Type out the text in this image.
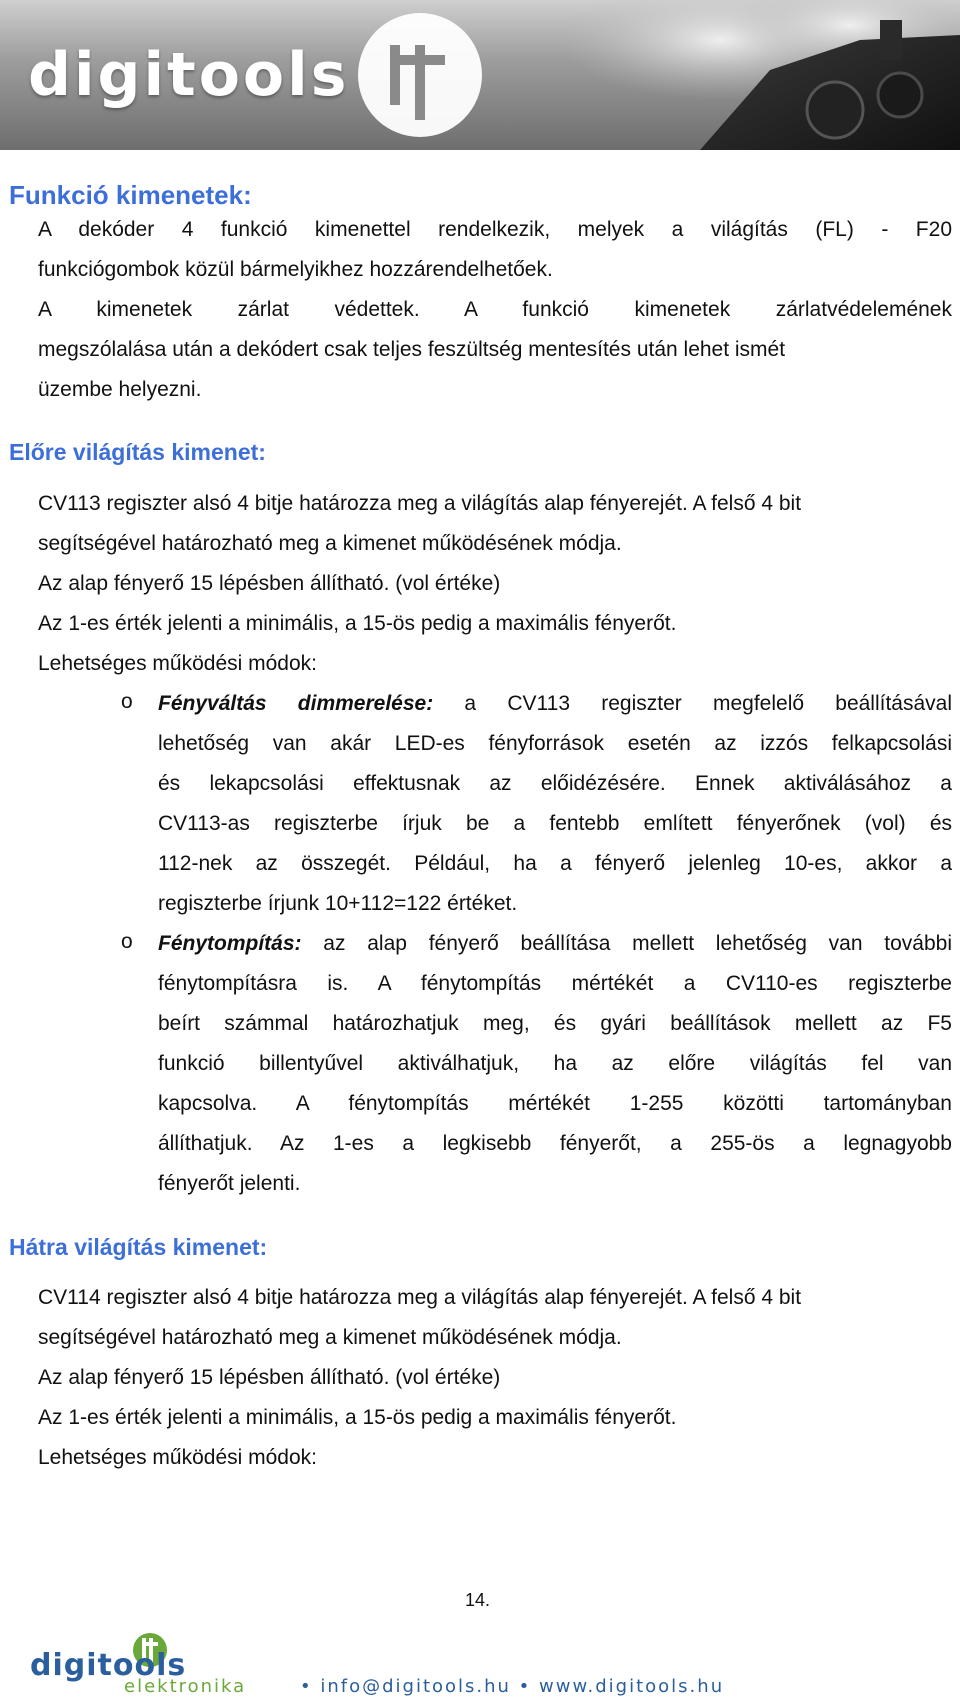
digitools
Funkció kimenetek:
A dekóder 4 funkció kimenettel rendelkezik, melyek a világítás (FL) - F20
funkciógombok közül bármelyikhez hozzárendelhetőek.
A kimenetek zárlat védettek. A funkció kimenetek zárlatvédelemének
megszólalása után a dekódert csak teljes feszültség mentesítés után lehet ismét
üzembe helyezni.
Előre világítás kimenet:
CV113 regiszter alsó 4 bitje határozza meg a világítás alap fényerejét. A felső 4 bit
segítségével határozható meg a kimenet működésének módja.
Az alap fényerő 15 lépésben állítható. (vol értéke)
Az 1-es érték jelenti a minimális, a 15-ös pedig a maximális fényerőt.
Lehetséges működési módok:
o Fényváltás dimmerelése: a CV113 regiszter megfelelő beállításával
lehetőség van akár LED-es fényforrások esetén az izzós felkapcsolási
és lekapcsolási effektusnak az előidézésére. Ennek aktiválásához a
CV113-as regiszterbe írjuk be a fentebb említett fényerőnek (vol) és
112-nek az összegét. Például, ha a fényerő jelenleg 10-es, akkor a
regiszterbe írjunk 10+112=122 értéket.
o Fénytompítás: az alap fényerő beállítása mellett lehetőség van további
fénytompításra is. A fénytompítás mértékét a CV110-es regiszterbe
beírt számmal határozhatjuk meg, és gyári beállítások mellett az F5
funkció billentyűvel aktiválhatjuk, ha az előre világítás fel van
kapcsolva. A fénytompítás mértékét 1-255 közötti tartományban
állíthatjuk. Az 1-es a legkisebb fényerőt, a 255-ös a legnagyobb
fényerőt jelenti.
Hátra világítás kimenet:
CV114 regiszter alsó 4 bitje határozza meg a világítás alap fényerejét. A felső 4 bit
segítségével határozható meg a kimenet működésének módja.
Az alap fényerő 15 lépésben állítható. (vol értéke)
Az 1-es érték jelenti a minimális, a 15-ös pedig a maximális fényerőt.
Lehetséges működési módok:
14.
digitools
elektronika	• info@digitools.hu • www.digitools.hu
